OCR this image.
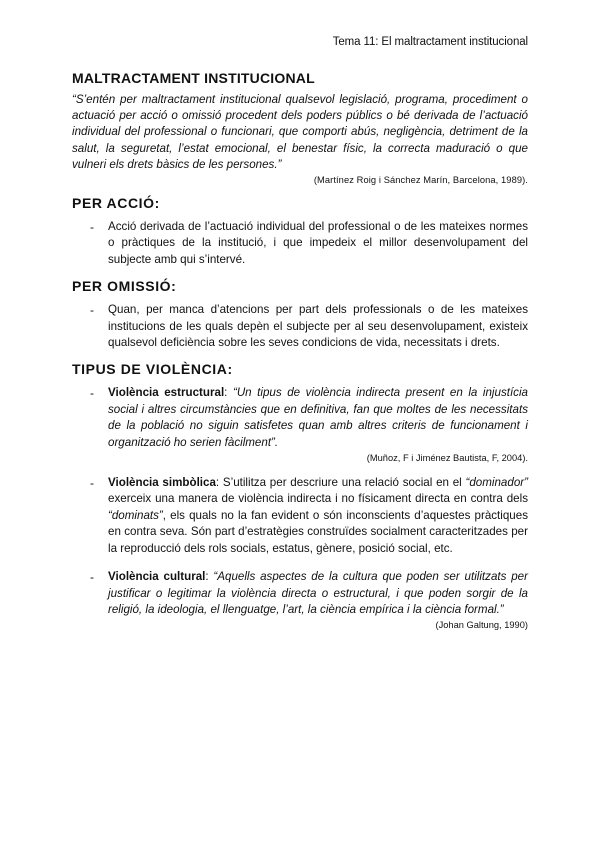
Tema 11: El maltractament institucional
MALTRACTAMENT INSTITUCIONAL

“S’entén per maltractament institucional qualsevol legislació, programa, procediment o actuació per acció o omissió procedent dels poders públics o bé derivada de l’actuació individual del professional o funcionari, que comporti abús, negligència, detriment de la salut, la seguretat, l’estat emocional, el benestar físic, la correcta maduració o que vulneri els drets bàsics de les persones.”

(Martínez Roig i Sánchez Marín, Barcelona, 1989).
PER ACCIÓ:
- Acció derivada de l’actuació individual del professional o de les mateixes normes o pràctiques de la institució, i que impedeix el millor desenvolupament del subjecte amb qui s’intervé.

PER OMISSIÓ:
- Quan, per manca d’atencions per part dels professionals o de les mateixes institucions de les quals depèn el subjecte per al seu desenvolupament, existeix qualsevol deficiència sobre les seves condicions de vida, necessitats i drets.

TIPUS DE VIOLÈNCIA:
- Violència estructural: “Un tipus de violència indirecta present en la injustícia social i altres circumstàncies que en definitiva, fan que moltes de les necessitats de la població no siguin satisfetes quan amb altres criteris de funcionament i organització ho serien fàcilment”.

(Muñoz, F i Jiménez Bautista, F, 2004).
- Violència simbòlica: S’utilitza per descriure una relació social en el “dominador” exerceix una manera de violència indirecta i no físicament directa en contra dels “dominats”, els quals no la fan evident o són inconscients d’aquestes pràctiques en contra seva. Són part d’estratègies construïdes socialment caracteritzades per la reproducció dels rols socials, estatus, gènere, posició social, etc.

- Violència cultural: “Aquells aspectes de la cultura que poden ser utilitzats per justificar o legitimar la violència directa o estructural, i que poden sorgir de la religió, la ideologia, el llenguatge, l’art, la ciència empírica i la ciència formal.”

(Johan Galtung, 1990)
